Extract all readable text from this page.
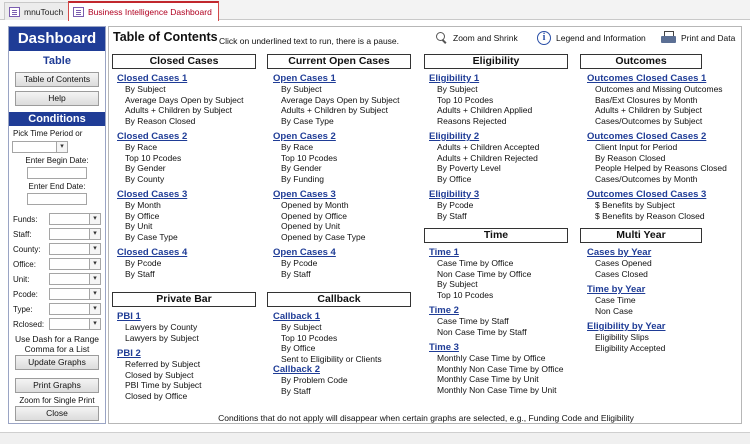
mnuTouch	Business Intelligence Dashboard
Dashboard
Table
Table of Contents
Help
Conditions
Pick Time Period or
▾
Enter Begin Date:
Enter End Date:
Funds:	▾
Staff:	▾
County:	▾
Office:	▾
Unit:	▾
Pcode:	▾
Type:	▾
Rclosed:	▾
Use Dash for a Range
Comma for a List
Update Graphs
Print Graphs
Zoom for Single Print
Close
Table of Contents Click on underlined text to run, there is a pause.	Zoom and Shrink	i	Legend and Information	Print and Data
Closed Cases	Current Open Cases	Eligibility	Outcomes
Time	Multi Year
Private Bar	Callback
Closed Cases 1
By Subject
Average Days Open by Subject
Adults + Children by Subject
By Reason Closed
Closed Cases 2
By Race
Top 10 Pcodes
By Gender
By County
Closed Cases 3
By Month
By Office
By Unit
By Case Type
Closed Cases 4
By Pcode
By Staff
Open Cases 1
By Subject
Average Days Open by Subject
Adults + Children by Subject
By Case Type
Open Cases 2
By Race
Top 10 Pcodes
By Gender
By Funding
Open Cases 3
Opened by Month
Opened by Office
Opened by Unit
Opened by Case Type
Open Cases 4
By Pcode
By Staff
Eligibility 1
By Subject
Top 10 Pcodes
Adults + Children Applied
Reasons Rejected
Eligibility 2
Adults + Children Accepted
Adults + Children Rejected
By Poverty Level
By Office
Eligibility 3
By Pcode
By Staff
Outcomes Closed Cases 1
Outcomes and Missing Outcomes
Bas/Ext Closures by Month
Adults + Children by Subject
Cases/Outcomes by Subject
Outcomes Closed Cases 2
Client Input for Period
By Reason Closed
People Helped by Reasons Closed
Cases/Outcomes by Month
Outcomes Closed Cases 3
$ Benefits by Subject
$ Benefits by Reason Closed
Time 1
Case Time by Office
Non Case Time by Office
By Subject
Top 10 Pcodes
Time 2
Case Time by Staff
Non Case Time by Staff
Time 3
Monthly Case Time by Office
Monthly Non Case Time by Office
Monthly Case Time by Unit
Monthly Non Case Time by Unit
Cases by Year
Cases Opened
Cases Closed
Time by Year
Case Time
Non Case
Eligibility by Year
Eligibility Slips
Eligibility Accepted
PBI 1
Lawyers by County
Lawyers by Subject
PBI 2
Referred by Subject
Closed by Subject
PBI Time by Subject
Closed by Office
Callback 1
By Subject
Top 10 Pcodes
By Office
Sent to Eligibility or Clients
Callback 2
By Problem Code
By Staff
Conditions that do not apply will disappear when certain graphs are selected, e.g., Funding Code and Eligibility
